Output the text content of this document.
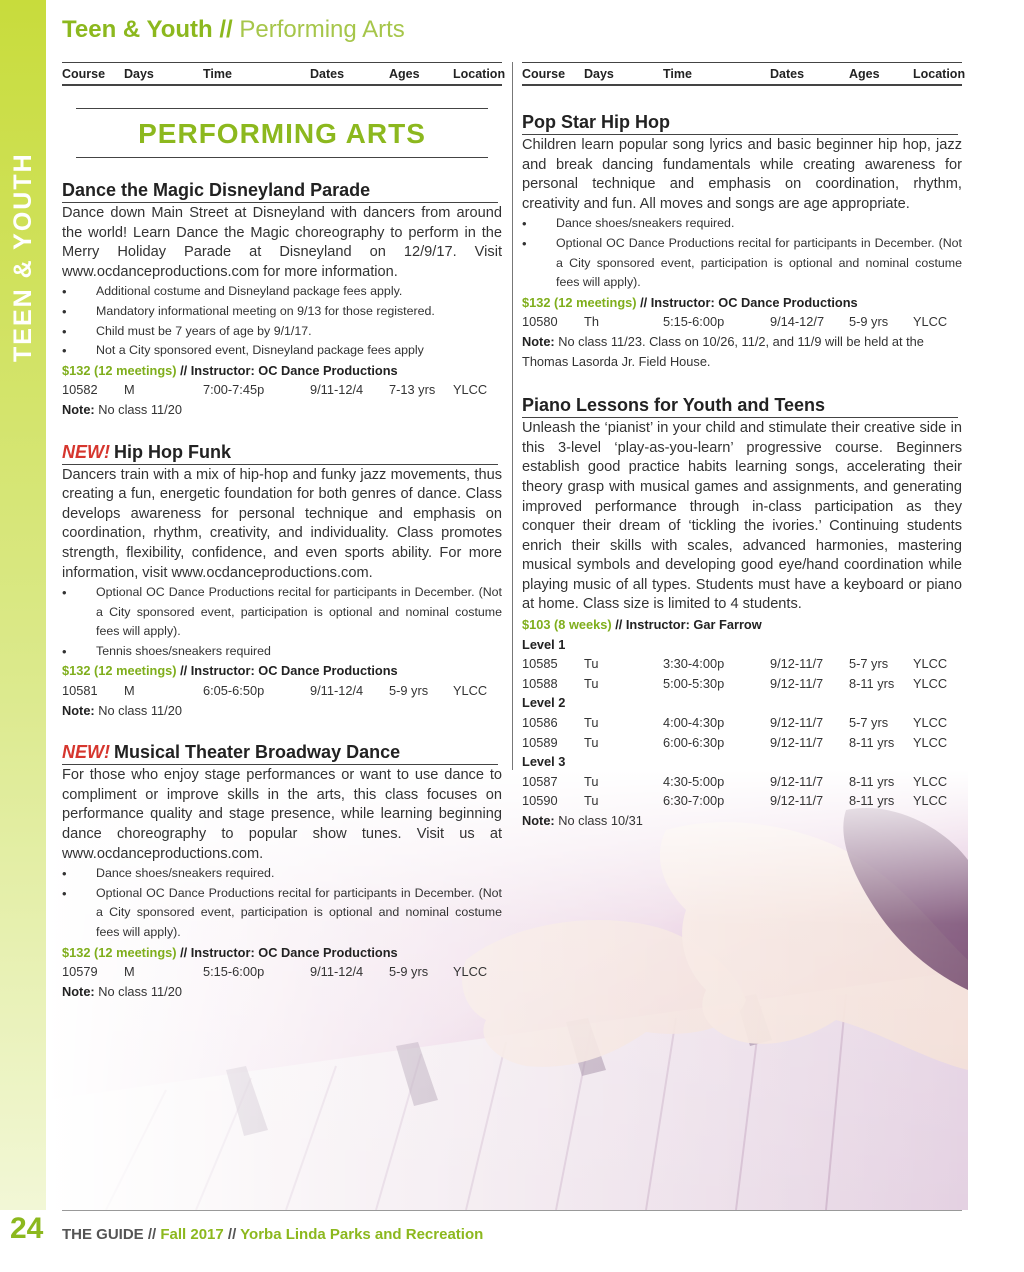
TEEN & YOUTH
Teen & Youth // Performing Arts
Course Days	Time	Dates	Ages	Location Course Days	Time	Dates	Ages	Location
PERFORMING ARTS
Dance the Magic Disneyland Parade
Dance down Main Street at Disneyland with dancers from around the world! Learn Dance the Magic choreography to perform in the Merry Holiday Parade at Disneyland on 12/9/17. Visit www.ocdanceproductions.com for more information.
• Additional costume and Disneyland package fees apply.
• Mandatory informational meeting on 9/13 for those registered.
• Child must be 7 years of age by 9/1/17.
• Not a City sponsored event, Disneyland package fees apply
$132 (12 meetings) // Instructor: OC Dance Productions
10582 M	7:00-7:45p	9/11-12/4 7-13 yrs YLCC
Note: No class 11/20
NEW! Hip Hop Funk
Dancers train with a mix of hip-hop and funky jazz movements, thus creating a fun, energetic foundation for both genres of dance. Class develops awareness for personal technique and emphasis on coordination, rhythm, creativity, and individuality. Class promotes strength, flexibility, confidence, and even sports ability. For more information, visit www.ocdanceproductions.com.
• Optional OC Dance Productions recital for participants in December. (Not a City sponsored event, participation is optional and nominal costume fees will apply).
• Tennis shoes/sneakers required
$132 (12 meetings) // Instructor: OC Dance Productions
10581 M	6:05-6:50p	9/11-12/4 5-9 yrs YLCC
Note: No class 11/20
NEW! Musical Theater Broadway Dance
For those who enjoy stage performances or want to use dance to compliment or improve skills in the arts, this class focuses on performance quality and stage presence, while learning beginning dance choreography to popular show tunes. Visit us at www.ocdanceproductions.com.
• Dance shoes/sneakers required.
• Optional OC Dance Productions recital for participants in December. (Not a City sponsored event, participation is optional and nominal costume fees will apply).
$132 (12 meetings) // Instructor: OC Dance Productions
10579 M	5:15-6:00p	9/11-12/4 5-9 yrs YLCC
Note: No class 11/20
Pop Star Hip Hop
Children learn popular song lyrics and basic beginner hip hop, jazz and break dancing fundamentals while creating awareness for personal technique and emphasis on coordination, rhythm, creativity and fun. All moves and songs are age appropriate.
• Dance shoes/sneakers required.
• Optional OC Dance Productions recital for participants in December. (Not a City sponsored event, participation is optional and nominal costume fees will apply).
$132 (12 meetings) // Instructor: OC Dance Productions
10580 Th	5:15-6:00p	9/14-12/7 5-9 yrs YLCC
Note: No class 11/23. Class on 10/26, 11/2, and 11/9 will be held at the Thomas Lasorda Jr. Field House.
Piano Lessons for Youth and Teens
Unleash the ‘pianist’ in your child and stimulate their creative side in this 3-level ‘play-as-you-learn’ progressive course. Beginners establish good practice habits learning songs, accelerating their theory grasp with musical games and assignments, and generating improved performance through in-class participation as they conquer their dream of ‘tickling the ivories.’ Continuing students enrich their skills with scales, advanced harmonies, mastering musical symbols and developing good eye/hand coordination while playing music of all types. Students must have a keyboard or piano at home. Class size is limited to 4 students.
$103 (8 weeks) // Instructor: Gar Farrow
Level 1
10585 Tu	3:30-4:00p	9/12-11/7 5-7 yrs YLCC
10588 Tu	5:00-5:30p	9/12-11/7 8-11 yrs YLCC
Level 2
10586 Tu	4:00-4:30p	9/12-11/7 5-7 yrs YLCC
10589 Tu	6:00-6:30p	9/12-11/7 8-11 yrs YLCC
Level 3
10587 Tu	4:30-5:00p	9/12-11/7 8-11 yrs YLCC
10590 Tu	6:30-7:00p	9/12-11/7 8-11 yrs YLCC
Note: No class 10/31
24 THE GUIDE // Fall 2017 // Yorba Linda Parks and Recreation
